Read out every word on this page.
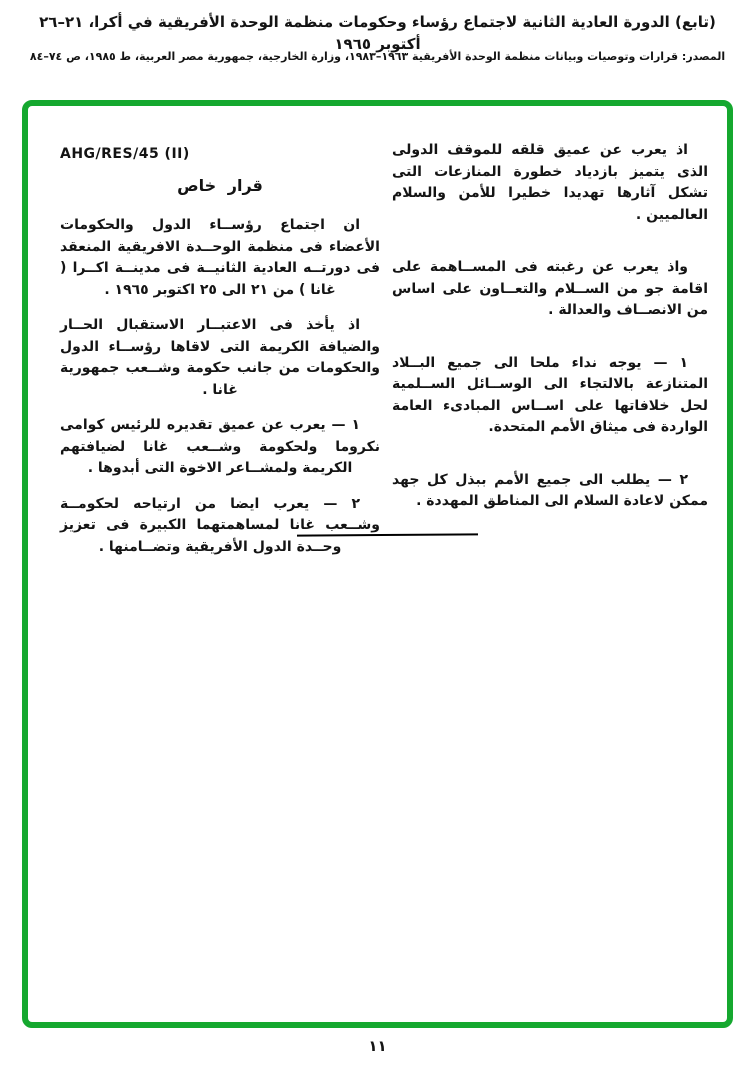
(تابع) الدورة العادية الثانية لاجتماع رؤساء وحكومات منظمة الوحدة الأفريقية في أكرا، ٢١–٢٦ أكتوبر ١٩٦٥
المصدر: قرارات وتوصيات وبيانات منظمة الوحدة الأفريقية ١٩٦٣–١٩٨٣، وزارة الخارجية، جمهورية مصر العربية، ط ١٩٨٥، ص ٧٤–٨٤

اذ يعرب عن عميق قلقه للموقف الدولى الذى يتميز بازدياد خطورة المنازعات التى تشكل آثارها تهديدا خطيرا للأمن والسلام العالميين .

واذ يعرب عن رغبته فى المســاهمة على اقامة جو من الســلام والتعــاون على اساس من الانصــاف والعدالة .

١ — يوجه نداء ملحا الى جميع البــلاد المتنازعة بالالتجاء الى الوســائل الســلمية لحل خلافاتها على اســاس المبادىء العامة الواردة فى ميثاق الأمم المتحدة.

٢ — يطلب الى جميع الأمم ببذل كل جهد ممكن لاعادة السلام الى المناطق المهددة .

AHG/RES/45 (II)
قرار خاص

ان اجتماع رؤســاء الدول والحكومات الأعضاء فى منظمة الوحــدة الافريقية المنعقد فى دورتــه العادية الثانيــة فى مدينــة اكــرا ( غانا ) من ٢١ الى ٢٥ اكتوبر ١٩٦٥ .

اذ يأخذ فى الاعتبــار الاستقبال الحــار والضيافة الكريمة التى لاقاها رؤســاء الدول والحكومات من جانب حكومة وشــعب جمهورية غانا .

١ — يعرب عن عميق تقديره للرئيس كوامى نكروما ولحكومة وشــعب غانا لضيافتهم الكريمة ولمشــاعر الاخوة التى أبدوها .

٢ — يعرب ايضا من ارتياحه لحكومــة وشــعب غانا لمساهمتهما الكبيرة فى تعزيز وحــدة الدول الأفريقية وتضــامنها .

١١
